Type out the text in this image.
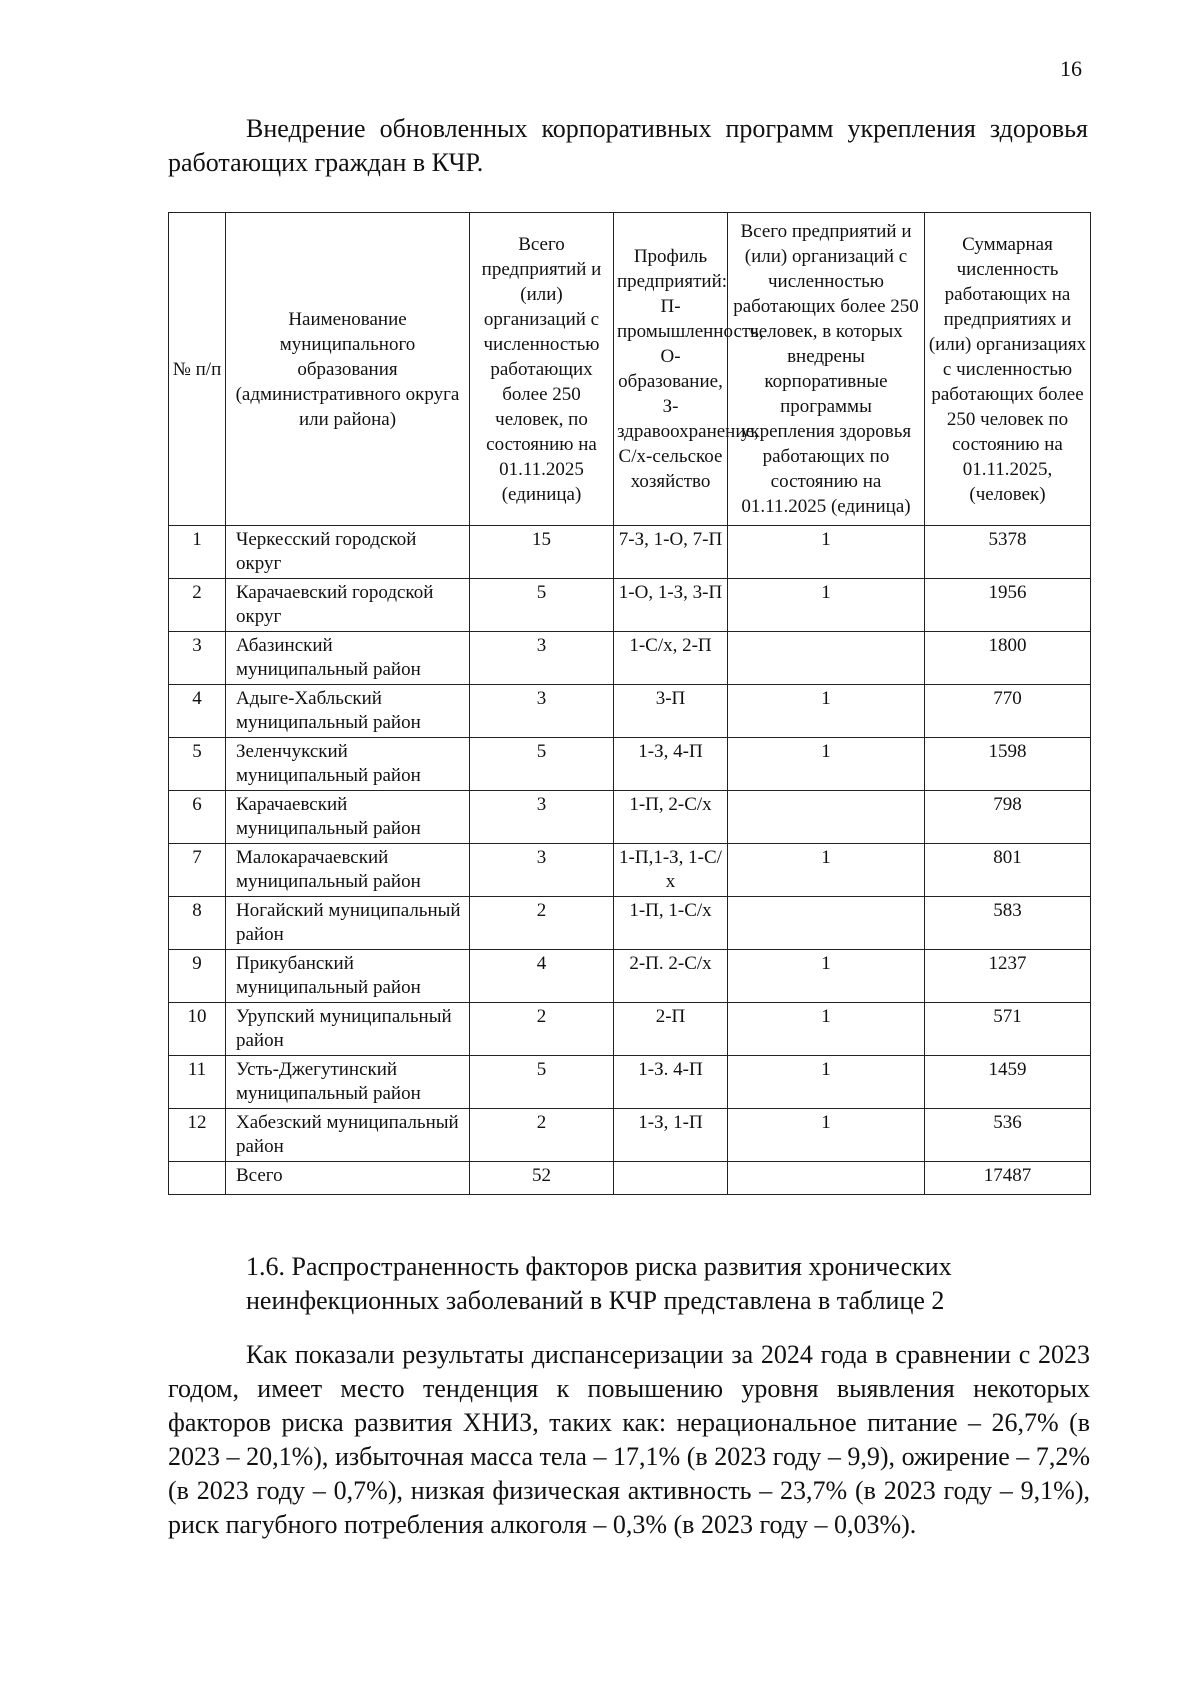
16
Внедрение обновленных корпоративных программ укрепления здоровья работающих граждан в КЧР.
№ п/п	Наименование муниципального образования (административного округа или района)	Всего предприятий и (или) организаций с численностью работающих более 250 человек, по состоянию на 01.11.2025 (единица)	Профиль предприятий: П-промышленность, О-образование, З-здравоохранение, С/х-сельское хозяйство	Всего предприятий и (или) организаций с численностью работающих более 250 человек, в которых внедрены корпоративные программы укрепления здоровья работающих по состоянию на 01.11.2025 (единица)	Суммарная численность работающих на предприятиях и (или) организациях с численностью работающих более 250 человек по состоянию на 01.11.2025, (человек)
1	Черкесский городской округ	15	7-З, 1-О, 7-П	1	5378
2	Карачаевский городской округ	5	1-О, 1-З, 3-П	1	1956
3	Абазинский муниципальный район	3	1-С/х, 2-П		1800
4	Адыге-Хабльский муниципальный район	3	3-П	1	770
5	Зеленчукский муниципальный район	5	1-З, 4-П	1	1598
6	Карачаевский муниципальный район	3	1-П, 2-С/х		798
7	Малокарачаевский муниципальный район	3	1-П,1-З, 1-С/х	1	801
8	Ногайский муниципальный район	2	1-П, 1-С/х		583
9	Прикубанский муниципальный район	4	2-П. 2-С/х	1	1237
10	Урупский муниципальный район	2	2-П	1	571
11	Усть-Джегутинский муниципальный район	5	1-З. 4-П	1	1459
12	Хабезский муниципальный район	2	1-З, 1-П	1	536
	Всего	52			17487
1.6. Распространенность факторов риска развития хронических неинфекционных заболеваний в КЧР представлена в таблице 2
Как показали результаты диспансеризации за 2024 года в сравнении с 2023 годом, имеет место тенденция к повышению уровня выявления некоторых факторов риска развития ХНИЗ, таких как: нерациональное питание – 26,7% (в 2023 – 20,1%), избыточная масса тела – 17,1% (в 2023 году – 9,9), ожирение – 7,2% (в 2023 году – 0,7%), низкая физическая активность – 23,7% (в 2023 году – 9,1%), риск пагубного потребления алкоголя – 0,3% (в 2023 году – 0,03%).
